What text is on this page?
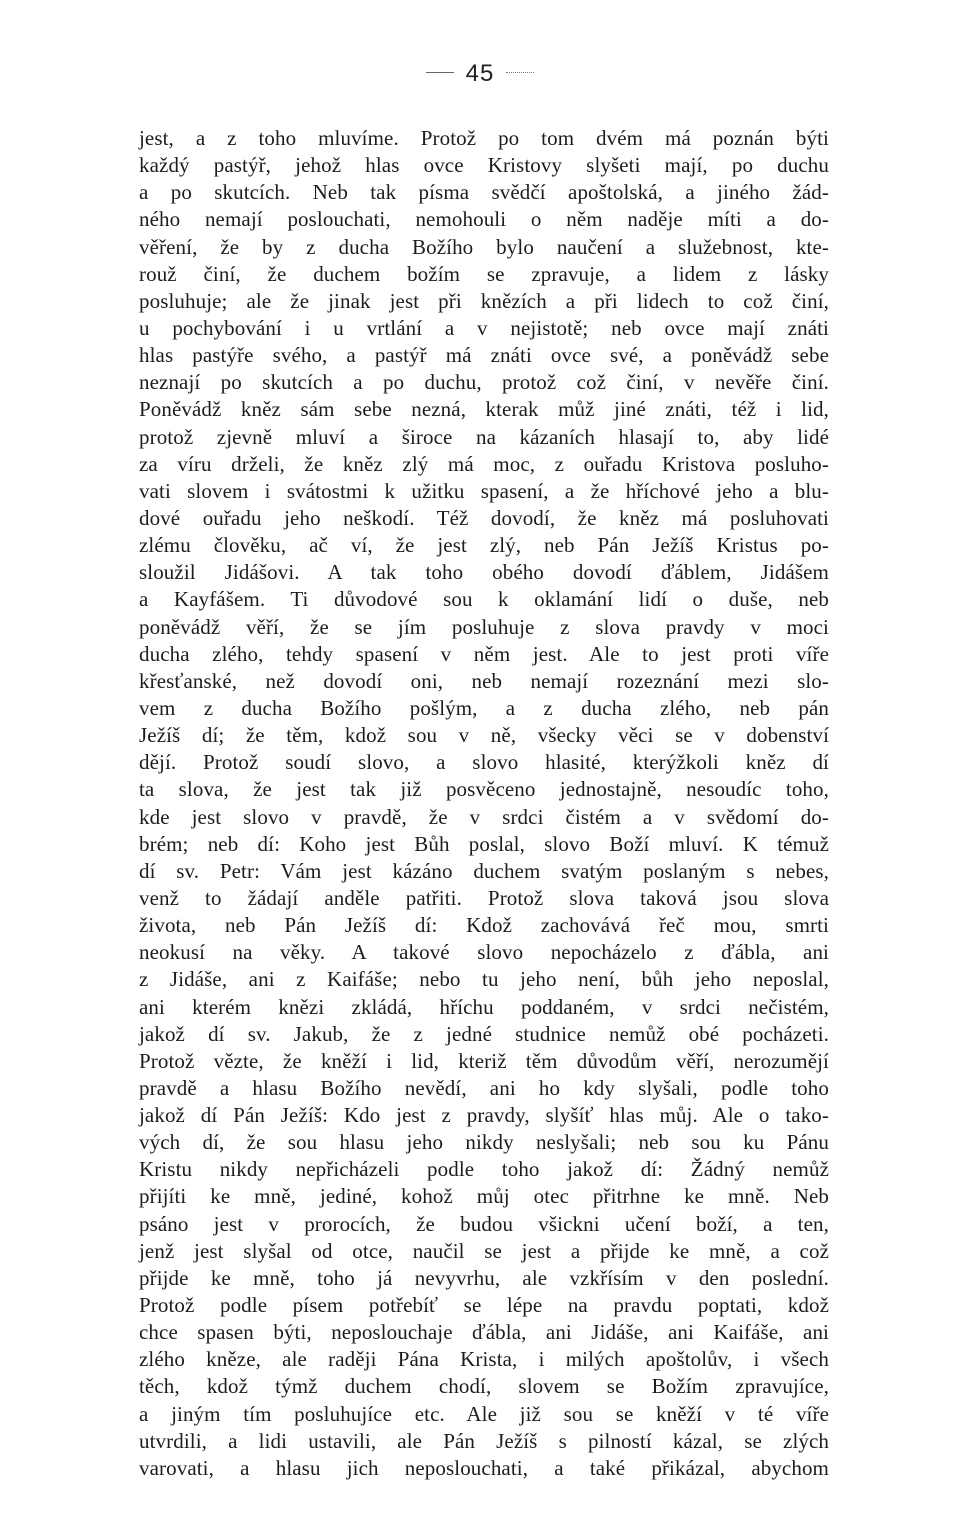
45
jest, a z toho mluvíme. Protož po tom dvém má poznán býti
každý pastýř, jehož hlas ovce Kristovy slyšeti mají, po duchu
a po skutcích. Neb tak písma svědčí apoštolská, a jiného žád-
ného nemají poslouchati, nemohouli o něm naděje míti a do-
věření, že by z ducha Božího bylo naučení a služebnost, kte-
rouž činí, že duchem božím se zpravuje, a lidem z lásky
posluhuje; ale že jinak jest při knězích a při lidech to což činí,
u pochybování i u vrtlání a v nejistotě; neb ovce mají znáti
hlas pastýře svého, a pastýř má znáti ovce své, a poněvádž sebe
neznají po skutcích a po duchu, protož což činí, v nevěře činí.
Poněvádž kněz sám sebe nezná, kterak můž jiné znáti, též i lid,
protož zjevně mluví a široce na kázaních hlasají to, aby lidé
za víru drželi, že kněz zlý má moc, z ouřadu Kristova posluho-
vati slovem i svátostmi k užitku spasení, a že hříchové jeho a blu-
dové ouřadu jeho neškodí. Též dovodí, že kněz má posluhovati
zlému člověku, ač ví, že jest zlý, neb Pán Ježíš Kristus po-
sloužil Jidášovi. A tak toho obého dovodí ďáblem, Jidášem
a Kayfášem. Ti důvodové sou k oklamání lidí o duše, neb
poněvádž věří, že se jím posluhuje z slova pravdy v moci
ducha zlého, tehdy spasení v něm jest. Ale to jest proti víře
křesťanské, než dovodí oni, neb nemají rozeznání mezi slo-
vem z ducha Božího pošlým, a z ducha zlého, neb pán
Ježíš dí; že těm, kdož sou v ně, všecky věci se v dobenství
dějí. Protož soudí slovo, a slovo hlasité, kterýžkoli kněz dí
ta slova, že jest tak již posvěceno jednostajně, nesoudíc toho,
kde jest slovo v pravdě, že v srdci čistém a v svědomí do-
brém; neb dí: Koho jest Bůh poslal, slovo Boží mluví. K témuž
dí sv. Petr: Vám jest kázáno duchem svatým poslaným s nebes,
venž to žádají anděle patřiti. Protož slova taková jsou slova
života, neb Pán Ježíš dí: Kdož zachovává řeč mou, smrti
neokusí na věky. A takové slovo nepocházelo z ďábla, ani
z Jidáše, ani z Kaifáše; nebo tu jeho není, bůh jeho neposlal,
ani kterém knězi zkládá, hříchu poddaném, v srdci nečistém,
jakož dí sv. Jakub, že z jedné studnice nemůž obé pocházeti.
Protož vězte, že kněží i lid, kteriž těm důvodům věří, nerozumějí
pravdě a hlasu Božího nevědí, ani ho kdy slyšali, podle toho
jakož dí Pán Ježíš: Kdo jest z pravdy, slyšíť hlas můj. Ale o tako-
vých dí, že sou hlasu jeho nikdy neslyšali; neb sou ku Pánu
Kristu nikdy nepřicházeli podle toho jakož dí: Žádný nemůž
přijíti ke mně, jediné, kohož můj otec přitrhne ke mně. Neb
psáno jest v prorocích, že budou všickni učení boží, a ten,
jenž jest slyšal od otce, naučil se jest a přijde ke mně, a což
přijde ke mně, toho já nevyvrhu, ale vzkřísím v den poslední.
Protož podle písem potřebíť se lépe na pravdu poptati, kdož
chce spasen býti, neposlouchaje ďábla, ani Jidáše, ani Kaifáše, ani
zlého kněze, ale raději Pána Krista, i milých apoštolův, i všech
těch, kdož týmž duchem chodí, slovem se Božím zpravujíce,
a jiným tím posluhujíce etc. Ale již sou se kněží v té víře
utvrdili, a lidi ustavili, ale Pán Ježíš s pilností kázal, se zlých
varovati, a hlasu jich neposlouchati, a také přikázal, abychom
